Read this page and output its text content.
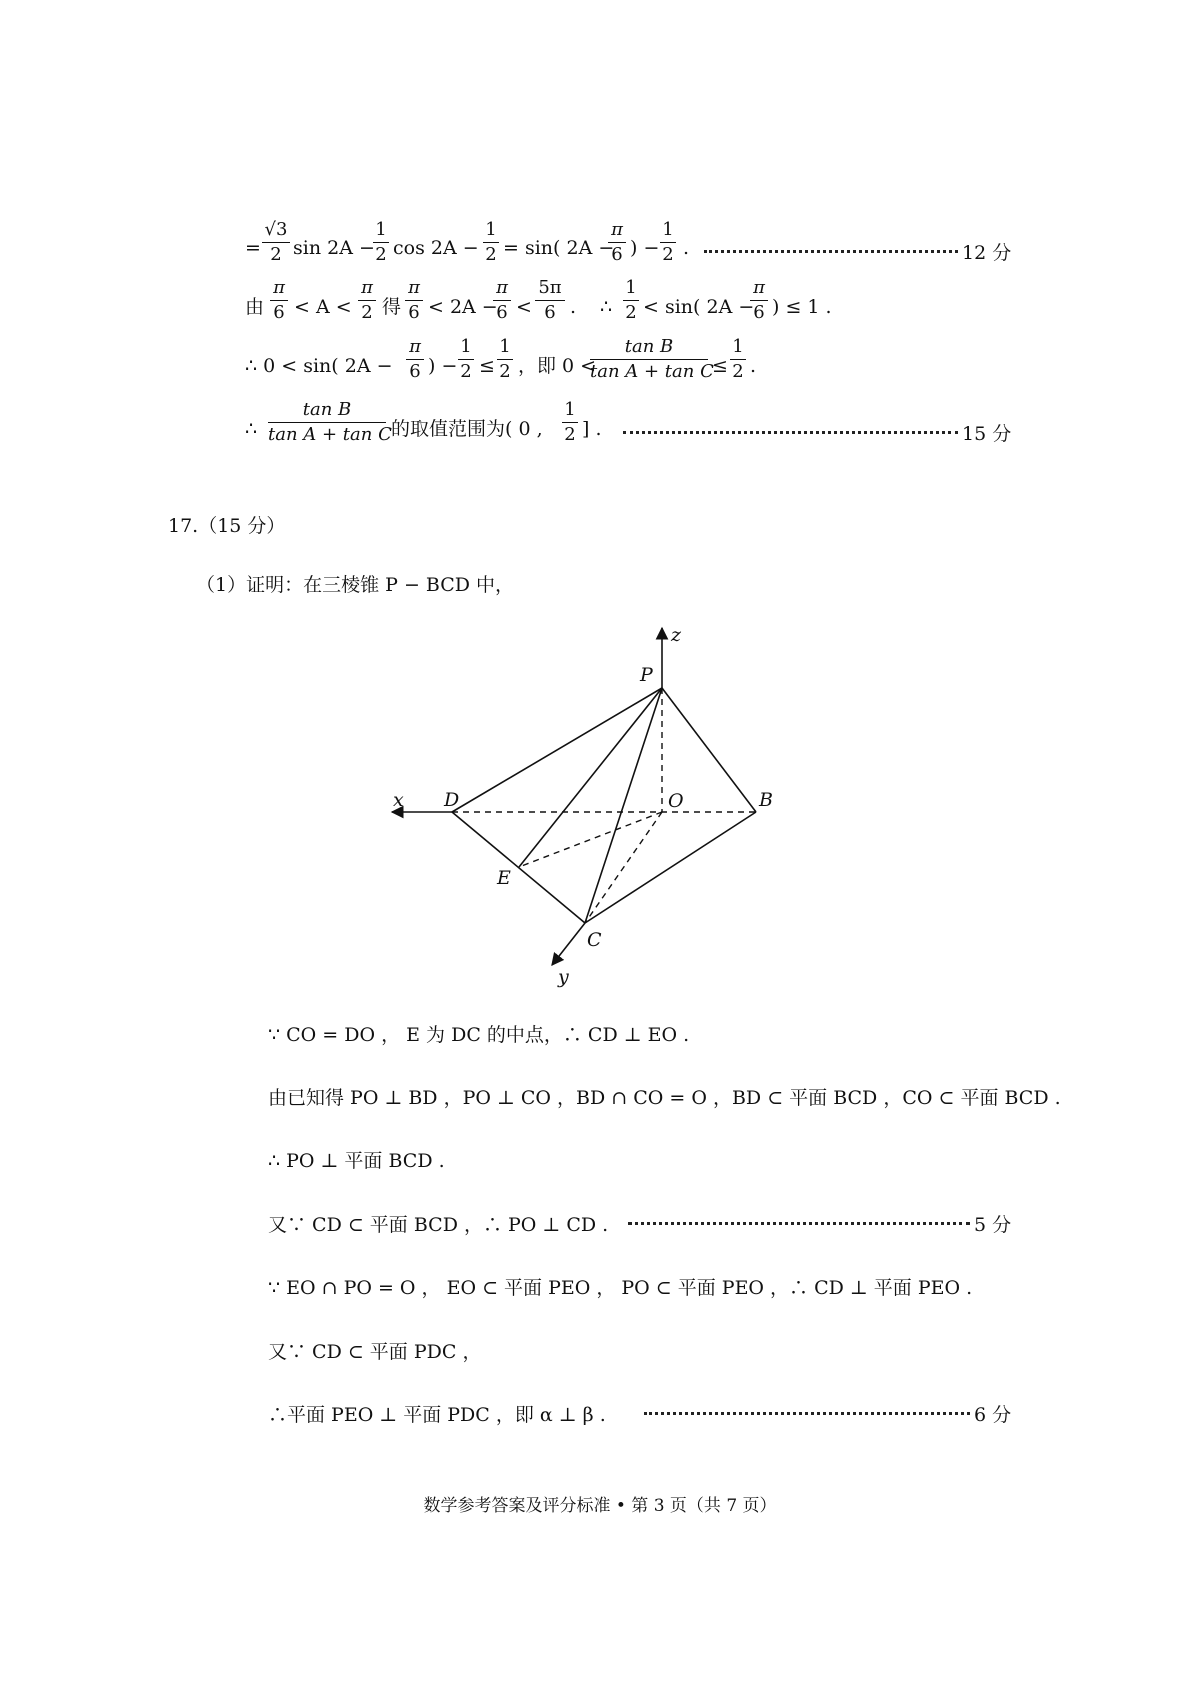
=
√3
2 sin 2A −
1
2 cos 2A −
1
2 = sin( 2A −
π
6 ) −
1
2 .	12 分
由
π
6 < A <
π
2 得
π
6 < 2A −
π
6 <
5π
6 . ∴
1
2 < sin( 2A −
π
6 ) ≤ 1 .
∴ 0 < sin( 2A −
π
6 ) −
1
2 ≤
1
2 ，即 0 <
tan B
tan A + tan C
≤
1
2 .
∴
tan B
tan A + tan C 的取值范围为( 0 ,
1
2 ] .	15 分
17.（15 分）
（1）证明：在三棱锥 P − BCD 中，
z
P
x D	O	B
E
C
y
∵ CO = DO ， E 为 DC 的中点，∴ CD ⊥ EO .
由已知得 PO ⊥ BD ，PO ⊥ CO ，BD ∩ CO = O ，BD ⊂ 平面 BCD ，CO ⊂ 平面 BCD .
∴ PO ⊥ 平面 BCD .
又∵ CD ⊂ 平面 BCD ，∴ PO ⊥ CD .	5 分
∵ EO ∩ PO = O ， EO ⊂ 平面 PEO ， PO ⊂ 平面 PEO ，∴ CD ⊥ 平面 PEO .
又∵ CD ⊂ 平面 PDC ，
∴平面 PEO ⊥ 平面 PDC ，即 α ⊥ β .	6 分
数学参考答案及评分标准 • 第 3 页（共 7 页）
